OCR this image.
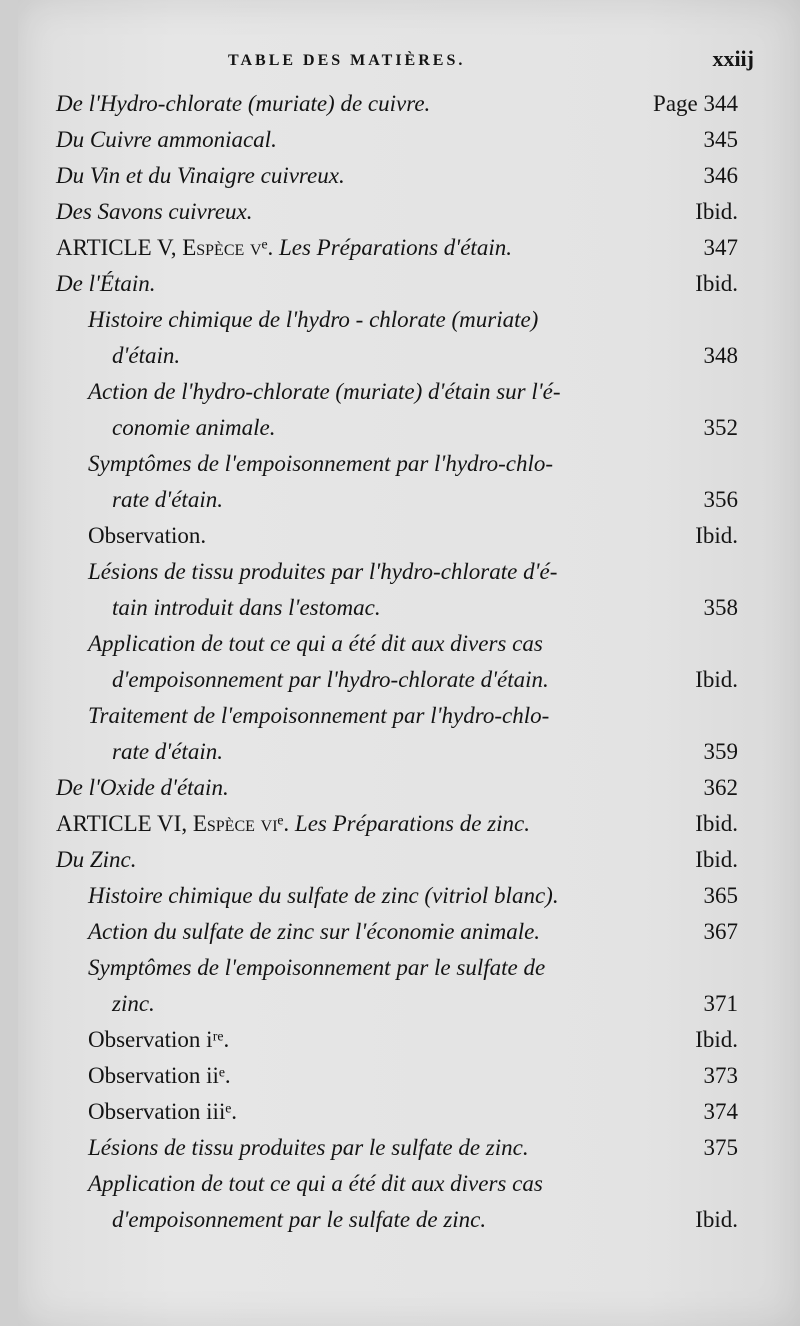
TABLE DES MATIÈRES.	xxiij
De l'Hydro-chlorate (muriate) de cuivre.	Page 344
Du Cuivre ammoniacal.	345
Du Vin et du Vinaigre cuivreux.	346
Des Savons cuivreux.	Ibid.
ARTICLE V, Espèce vᵉ. Les Préparations d'étain.	347
De l'Étain.	Ibid.
Histoire chimique de l'hydro - chlorate (muriate)
d'étain.	348
Action de l'hydro-chlorate (muriate) d'étain sur l'é-
conomie animale.	352
Symptômes de l'empoisonnement par l'hydro-chlo-
rate d'étain.	356
Observation.	Ibid.
Lésions de tissu produites par l'hydro-chlorate d'é-
tain introduit dans l'estomac.	358
Application de tout ce qui a été dit aux divers cas
d'empoisonnement par l'hydro-chlorate d'étain.	Ibid.
Traitement de l'empoisonnement par l'hydro-chlo-
rate d'étain.	359
De l'Oxide d'étain.	362
ARTICLE VI, Espèce viᵉ. Les Préparations de zinc.	Ibid.
Du Zinc.	Ibid.
Histoire chimique du sulfate de zinc (vitriol blanc).	365
Action du sulfate de zinc sur l'économie animale.	367
Symptômes de l'empoisonnement par le sulfate de
zinc.	371
Observation iʳᵉ.	Ibid.
Observation iiᵉ.	373
Observation iiiᵉ.	374
Lésions de tissu produites par le sulfate de zinc.	375
Application de tout ce qui a été dit aux divers cas
d'empoisonnement par le sulfate de zinc.	Ibid.
